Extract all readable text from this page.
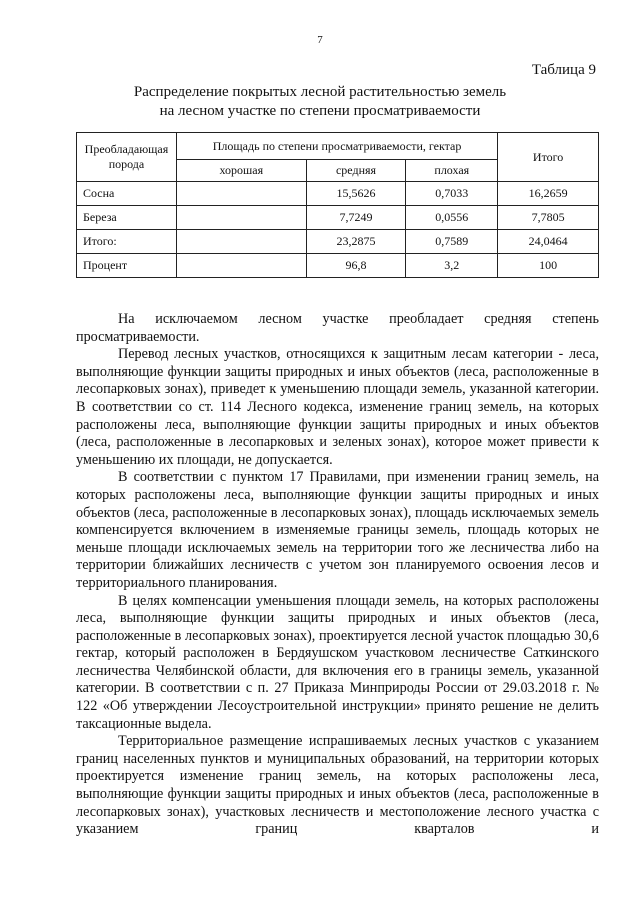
7
Таблица 9
Распределение покрытых лесной растительностью земель
на лесном участке по степени просматриваемости
Преобладающая порода	Площадь по степени просматриваемости, гектар			Итого
	хорошая	средняя	плохая	
Сосна		15,5626	0,7033	16,2659
Береза		7,7249	0,0556	7,7805
Итого:		23,2875	0,7589	24,0464
Процент		96,8	3,2	100

На исключаемом лесном участке преобладает средняя степень просматриваемости.

Перевод лесных участков, относящихся к защитным лесам категории - леса, выполняющие функции защиты природных и иных объектов (леса, расположенные в лесопарковых зонах), приведет к уменьшению площади земель, указанной категории. В соответствии со ст. 114 Лесного кодекса, изменение границ земель, на которых расположены леса, выполняющие функции защиты природных и иных объектов (леса, расположенные в лесопарковых и зеленых зонах), которое может привести к уменьшению их площади, не допускается.

В соответствии с пунктом 17 Правилами, при изменении границ земель, на которых расположены леса, выполняющие функции защиты природных и иных объектов (леса, расположенные в лесопарковых зонах), площадь исключаемых земель компенсируется включением в изменяемые границы земель, площадь которых не меньше площади исключаемых земель на территории того же лесничества либо на территории ближайших лесничеств с учетом зон планируемого освоения лесов и территориального планирования.

В целях компенсации уменьшения площади земель, на которых расположены леса, выполняющие функции защиты природных и иных объектов (леса, расположенные в лесопарковых зонах), проектируется лесной участок площадью 30,6 гектар, который расположен в Бердяушском участковом лесничестве Саткинского лесничества Челябинской области, для включения его в границы земель, указанной категории. В соответствии с п. 27 Приказа Минприроды России от 29.03.2018 г. № 122 «Об утверждении Лесоустроительной инструкции» принято решение не делить таксационные выдела.

Территориальное размещение испрашиваемых лесных участков с указанием границ населенных пунктов и муниципальных образований, на территории которых проектируется изменение границ земель, на которых расположены леса, выполняющие функции защиты природных и иных объектов (леса, расположенные в лесопарковых зонах), участковых лесничеств и местоположение лесного участка с указанием границ кварталов и
